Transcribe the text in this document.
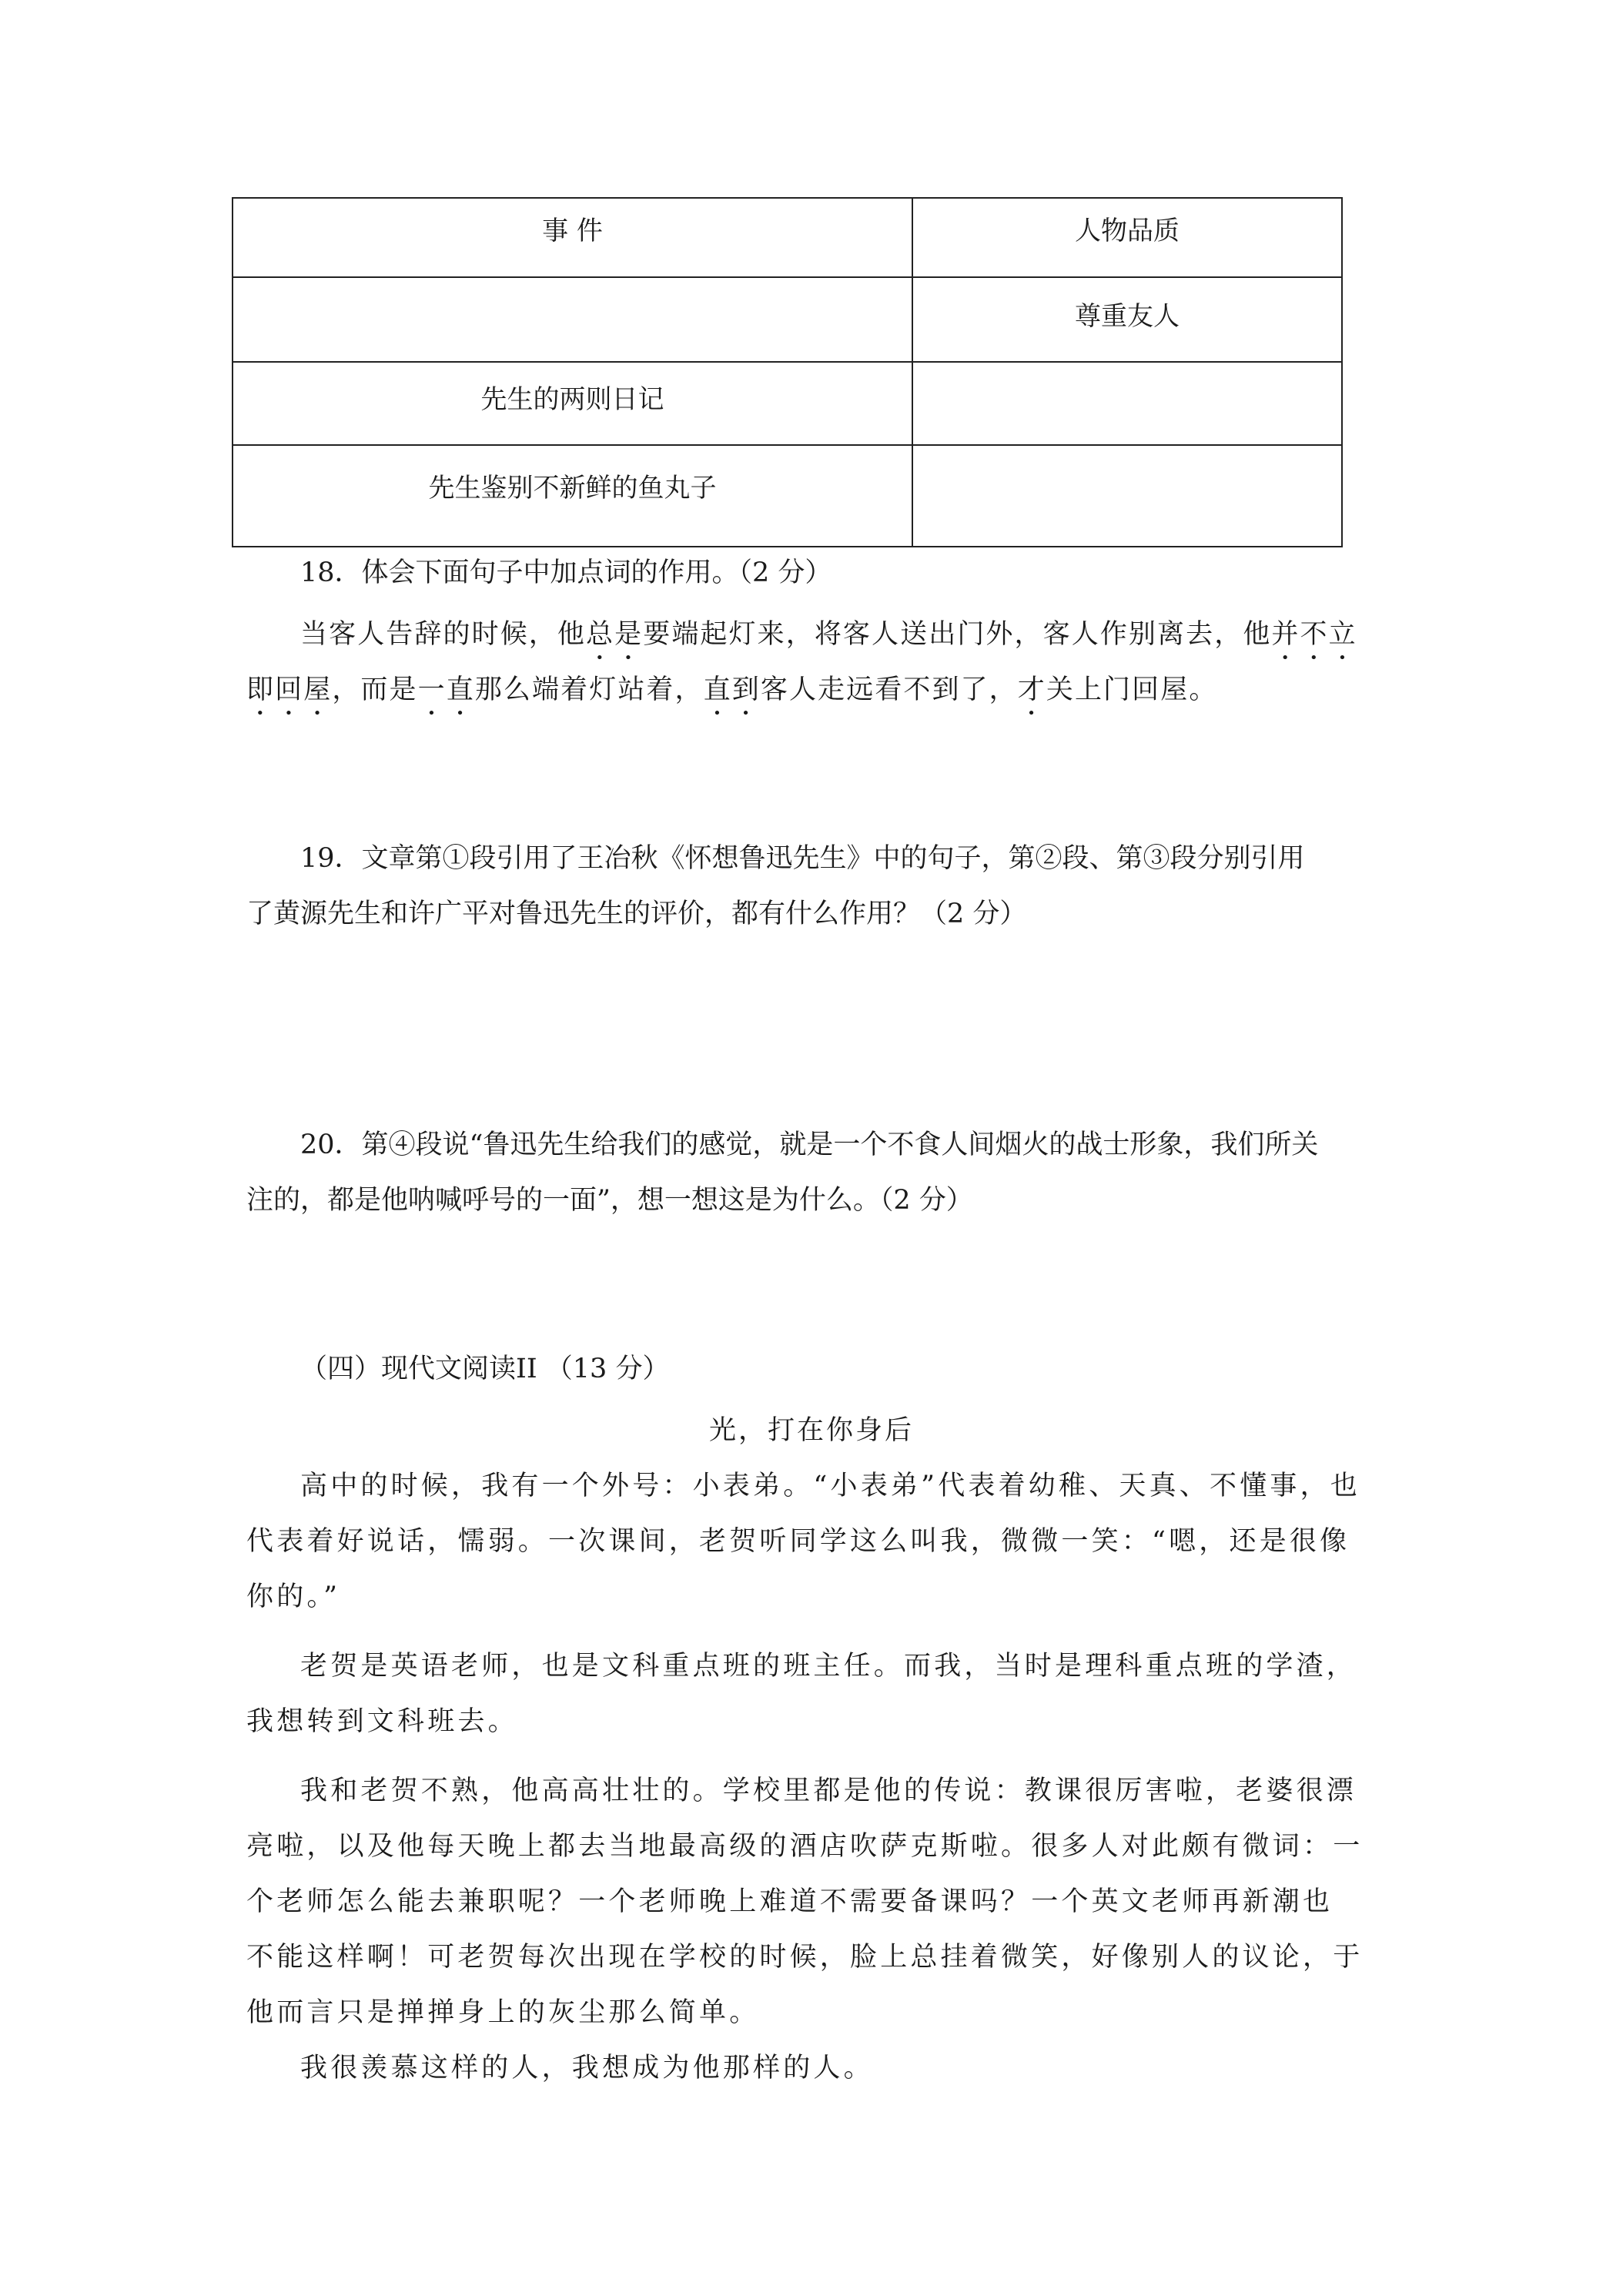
事 件	人物品质
尊重友人
先生的两则日记
先生鉴别不新鲜的鱼丸子
18．体会下面句子中加点词的作用。（2 分）
当客人告辞的时候，他总是要端起灯来，将客人送出门外，客人作别离去，他并不立
即回屋，而是一直那么端着灯站着，直到客人走远看不到了，才关上门回屋。
19．文章第①段引用了王冶秋《怀想鲁迅先生》中的句子，第②段、第③段分别引用
了黄源先生和许广平对鲁迅先生的评价，都有什么作用？（2 分）
20．第④段说“鲁迅先生给我们的感觉，就是一个不食人间烟火的战士形象，我们所关
注的，都是他呐喊呼号的一面”，想一想这是为什么。（2 分）
（四）现代文阅读II （13 分）
光，打在你身后
高中的时候，我有一个外号：小表弟。“小表弟”代表着幼稚、天真、不懂事，也
代表着好说话，懦弱。一次课间，老贺听同学这么叫我，微微一笑：“嗯，还是很像
你的。”
老贺是英语老师，也是文科重点班的班主任。而我，当时是理科重点班的学渣，
我想转到文科班去。
我和老贺不熟，他高高壮壮的。学校里都是他的传说：教课很厉害啦，老婆很漂
亮啦，以及他每天晚上都去当地最高级的酒店吹萨克斯啦。很多人对此颇有微词：一
个老师怎么能去兼职呢？一个老师晚上难道不需要备课吗？一个英文老师再新潮也
不能这样啊！可老贺每次出现在学校的时候，脸上总挂着微笑，好像别人的议论，于
他而言只是掸掸身上的灰尘那么简单。
我很羡慕这样的人，我想成为他那样的人。
